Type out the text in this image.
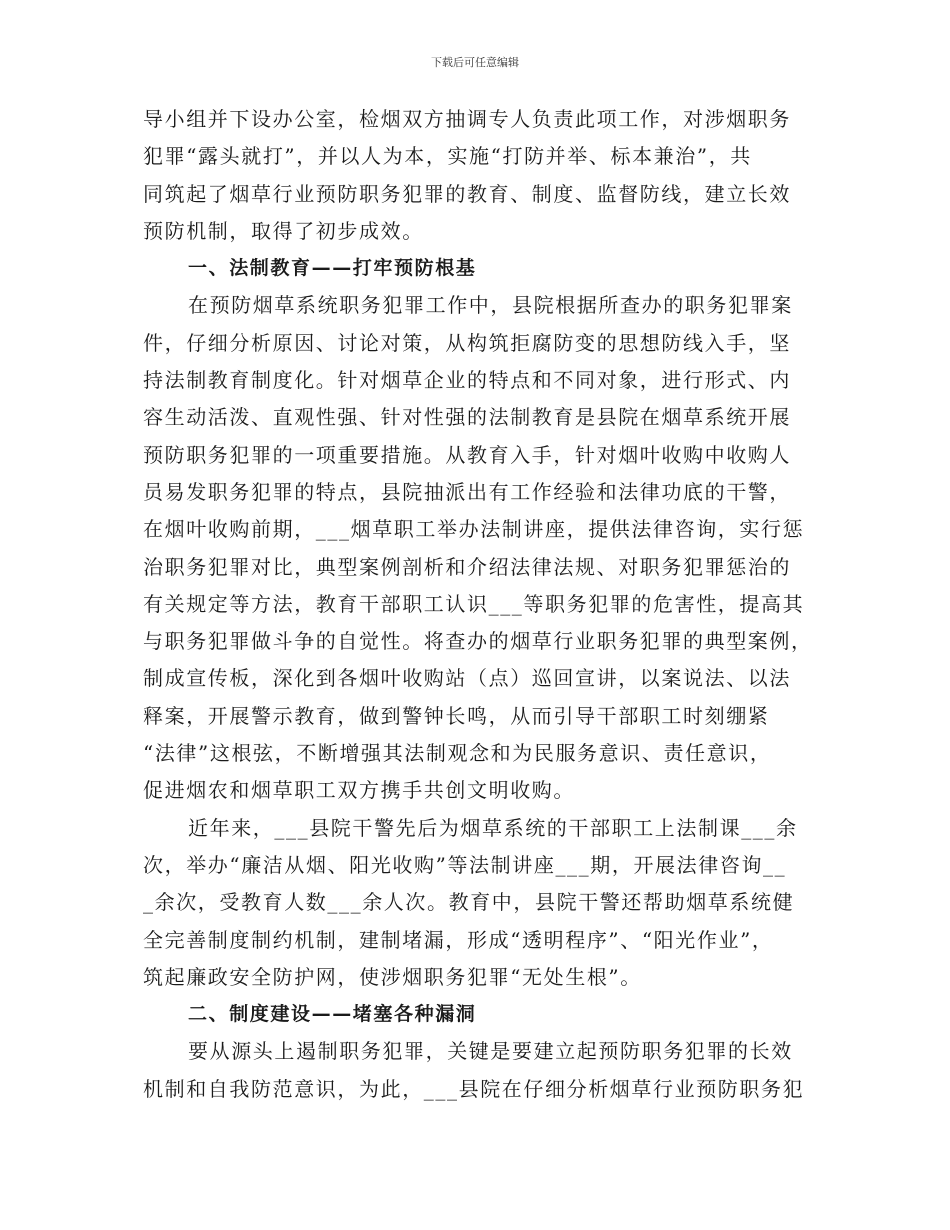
下载后可任意编辑
导小组并下设办公室，检烟双方抽调专人负责此项工作，对涉烟职务
犯罪“露头就打”，并以人为本，实施“打防并举、标本兼治”，共
同筑起了烟草行业预防职务犯罪的教育、制度、监督防线，建立长效
预防机制，取得了初步成效。
一、法制教育——打牢预防根基
在预防烟草系统职务犯罪工作中，县院根据所查办的职务犯罪案
件，仔细分析原因、讨论对策，从构筑拒腐防变的思想防线入手，坚
持法制教育制度化。针对烟草企业的特点和不同对象，进行形式、内
容生动活泼、直观性强、针对性强的法制教育是县院在烟草系统开展
预防职务犯罪的一项重要措施。从教育入手，针对烟叶收购中收购人
员易发职务犯罪的特点，县院抽派出有工作经验和法律功底的干警，
在烟叶收购前期，___烟草职工举办法制讲座，提供法律咨询，实行惩
治职务犯罪对比，典型案例剖析和介绍法律法规、对职务犯罪惩治的
有关规定等方法，教育干部职工认识___等职务犯罪的危害性，提高其
与职务犯罪做斗争的自觉性。将查办的烟草行业职务犯罪的典型案例，
制成宣传板，深化到各烟叶收购站（点）巡回宣讲，以案说法、以法
释案，开展警示教育，做到警钟长鸣，从而引导干部职工时刻绷紧
“法律”这根弦，不断增强其法制观念和为民服务意识、责任意识，
促进烟农和烟草职工双方携手共创文明收购。
近年来，___县院干警先后为烟草系统的干部职工上法制课___余
次，举办“廉洁从烟、阳光收购”等法制讲座___期，开展法律咨询__
_余次，受教育人数___余人次。教育中，县院干警还帮助烟草系统健
全完善制度制约机制，建制堵漏，形成“透明程序”、“阳光作业”，
筑起廉政安全防护网，使涉烟职务犯罪“无处生根”。
二、制度建设——堵塞各种漏洞
要从源头上遏制职务犯罪，关键是要建立起预防职务犯罪的长效
机制和自我防范意识，为此，___县院在仔细分析烟草行业预防职务犯
